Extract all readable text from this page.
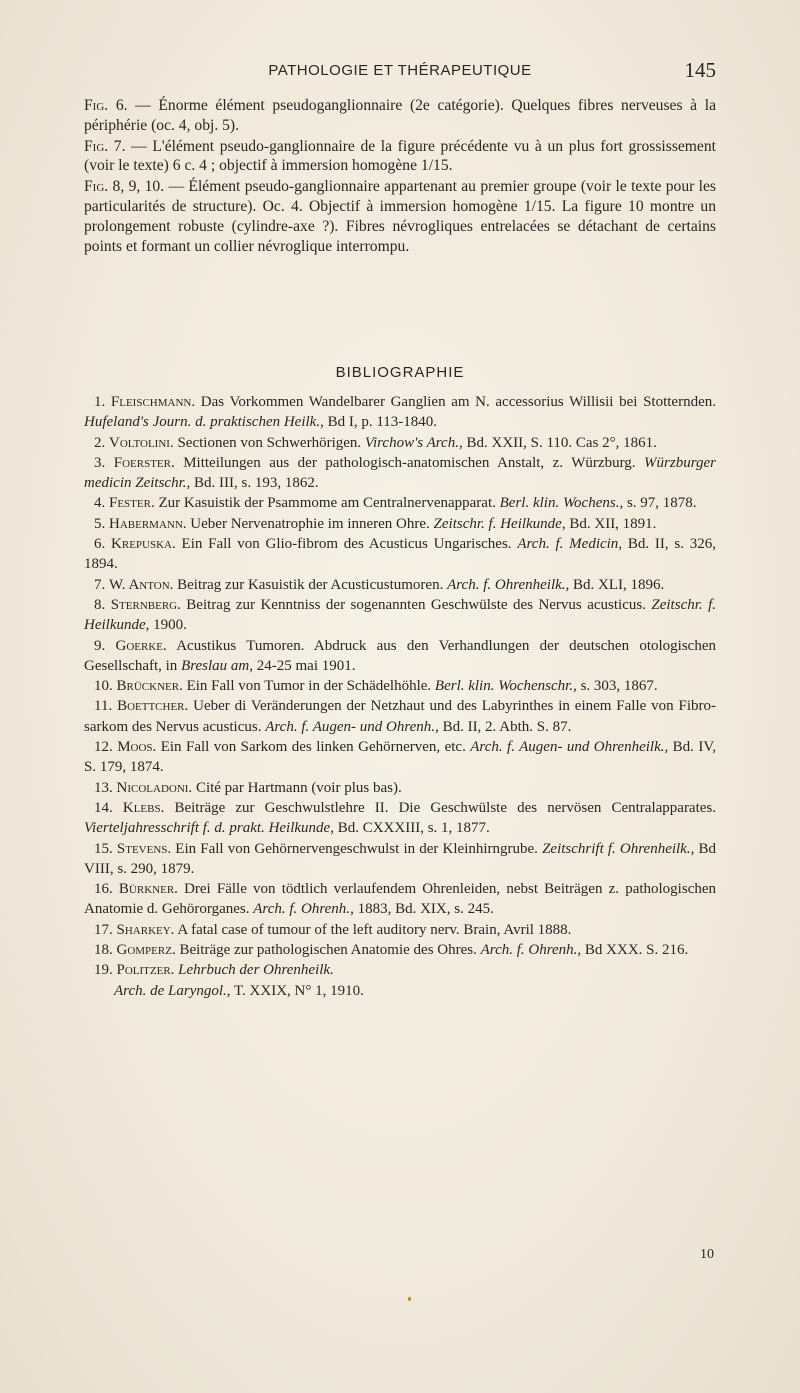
PATHOLOGIE ET THÉRAPEUTIQUE	145

Fig. 6. — Énorme élément pseudoganglionnaire (2e catégorie). Quelques fibres nerveuses à la périphérie (oc. 4, obj. 5).

Fig. 7. — L'élément pseudo-ganglionnaire de la figure précédente vu à un plus fort grossissement (voir le texte) 6 c. 4 ; objectif à immersion homogène 1/15.

Fig. 8, 9, 10. — Élément pseudo-ganglionnaire appartenant au premier groupe (voir le texte pour les particularités de structure). Oc. 4. Objectif à immersion homogène 1/15. La figure 10 montre un prolongement robuste (cylindre-axe ?). Fibres névrogliques entrelacées se détachant de certains points et formant un collier névroglique interrompu.

BIBLIOGRAPHIE

1. Fleischmann. Das Vorkommen Wandelbarer Ganglien am N. accessorius Willisii bei Stotternden. Hufeland's Journ. d. praktischen Heilk., Bd I, p. 113-1840.

2. Voltolini. Sectionen von Schwerhörigen. Virchow's Arch., Bd. XXII, S. 110. Cas 2°, 1861.

3. Foerster. Mitteilungen aus der pathologisch-anatomischen Anstalt, z. Würzburg. Würzburger medicin Zeitschr., Bd. III, s. 193, 1862.

4. Fester. Zur Kasuistik der Psammome am Centralnervenapparat. Berl. klin. Wochens., s. 97, 1878.

5. Habermann. Ueber Nervenatrophie im inneren Ohre. Zeitschr. f. Heilkunde, Bd. XII, 1891.

6. Krepuska. Ein Fall von Glio-fibrom des Acusticus Ungarisches. Arch. f. Medicin, Bd. II, s. 326, 1894.

7. W. Anton. Beitrag zur Kasuistik der Acusticustumoren. Arch. f. Ohrenheilk., Bd. XLI, 1896.

8. Sternberg. Beitrag zur Kenntniss der sogenannten Geschwülste des Nervus acusticus. Zeitschr. f. Heilkunde, 1900.

9. Goerke. Acustikus Tumoren. Abdruck aus den Verhandlungen der deutschen otologischen Gesellschaft, in Breslau am, 24-25 mai 1901.

10. Brückner. Ein Fall von Tumor in der Schädelhöhle. Berl. klin. Wochenschr., s. 303, 1867.

11. Boettcher. Ueber di Veränderungen der Netzhaut und des Labyrinthes in einem Falle von Fibro-sarkom des Nervus acusticus. Arch. f. Augen- und Ohrenh., Bd. II, 2. Abth. S. 87.

12. Moos. Ein Fall von Sarkom des linken Gehörnerven, etc. Arch. f. Augen- und Ohrenheilk., Bd. IV, S. 179, 1874.

13. Nicoladoni. Cité par Hartmann (voir plus bas).

14. Klebs. Beiträge zur Geschwulstlehre II. Die Geschwülste des nervösen Centralapparates. Vierteljahresschrift f. d. prakt. Heilkunde, Bd. CXXXIII, s. 1, 1877.

15. Stevens. Ein Fall von Gehörnervengeschwulst in der Kleinhirngrube. Zeitschrift f. Ohrenheilk., Bd VIII, s. 290, 1879.

16. Bürkner. Drei Fälle von tödtlich verlaufendem Ohrenleiden, nebst Beiträgen z. pathologischen Anatomie d. Gehörorganes. Arch. f. Ohrenh., 1883, Bd. XIX, s. 245.

17. Sharkey. A fatal case of tumour of the left auditory nerv. Brain, Avril 1888.

18. Gomperz. Beiträge zur pathologischen Anatomie des Ohres. Arch. f. Ohrenh., Bd XXX. S. 216.

19. Politzer. Lehrbuch der Ohrenheilk.

Arch. de Laryngol., T. XXIX, N° 1, 1910.

10
